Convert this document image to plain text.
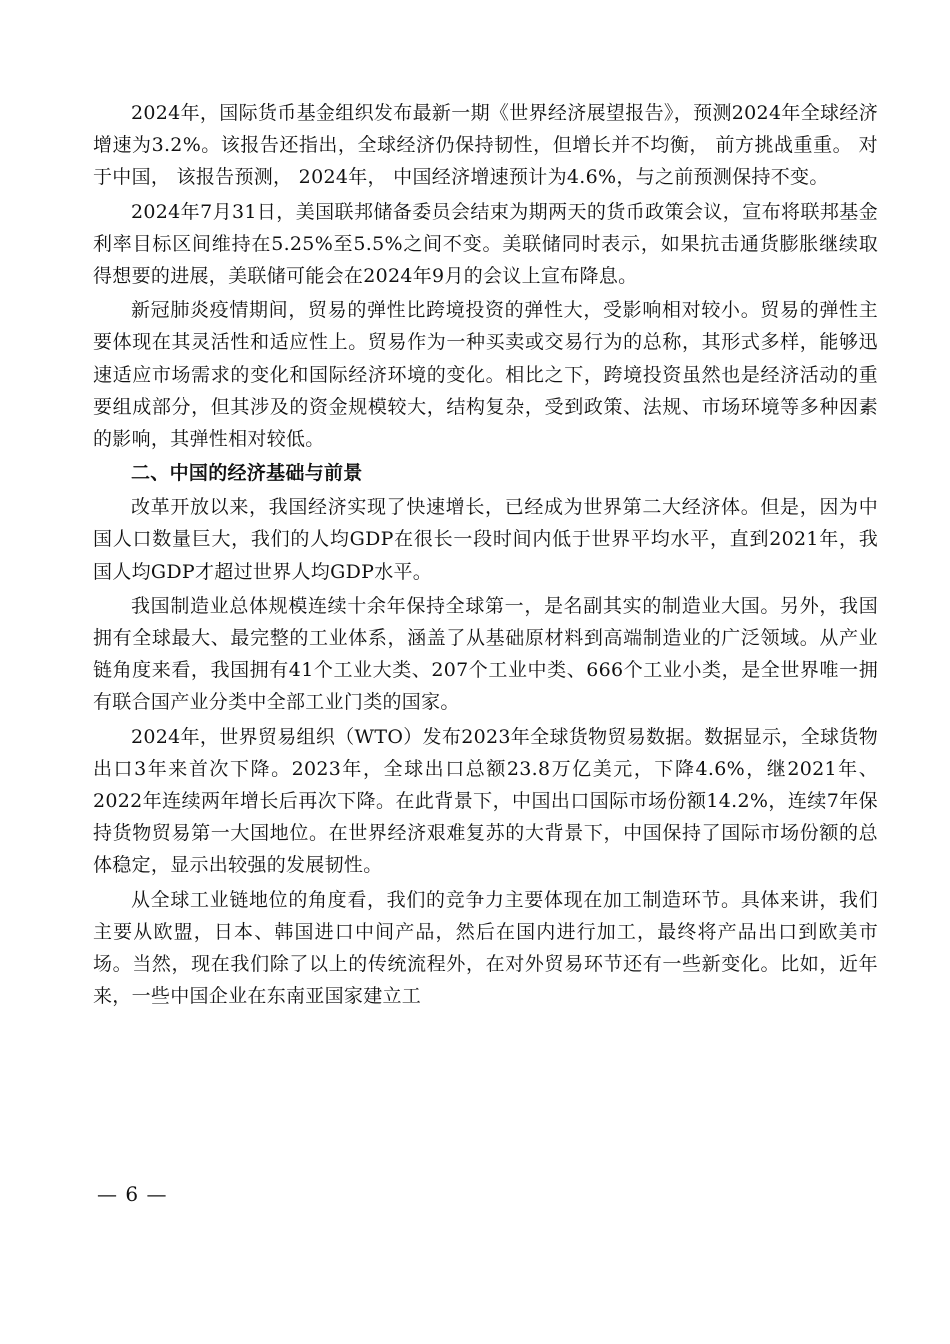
2024年，国际货币基金组织发布最新一期《世界经济展望报告》，预测2024年全球经济增速为3.2%。该报告还指出，全球经济仍保持韧性，但增长并不均衡， 前方挑战重重。 对于中国， 该报告预测， 2024年， 中国经济增速预计为4.6%，与之前预测保持不变。

2024年7月31日，美国联邦储备委员会结束为期两天的货币政策会议，宣布将联邦基金利率目标区间维持在5.25%至5.5%之间不变。美联储同时表示，如果抗击通货膨胀继续取得想要的进展，美联储可能会在2024年9月的会议上宣布降息。

新冠肺炎疫情期间，贸易的弹性比跨境投资的弹性大，受影响相对较小。贸易的弹性主要体现在其灵活性和适应性上。贸易作为一种买卖或交易行为的总称，其形式多样，能够迅速适应市场需求的变化和国际经济环境的变化。相比之下，跨境投资虽然也是经济活动的重要组成部分，但其涉及的资金规模较大，结构复杂，受到政策、法规、市场环境等多种因素的影响，其弹性相对较低。

二、中国的经济基础与前景

改革开放以来，我国经济实现了快速增长，已经成为世界第二大经济体。但是，因为中国人口数量巨大，我们的人均GDP在很长一段时间内低于世界平均水平，直到2021年，我国人均GDP才超过世界人均GDP水平。

我国制造业总体规模连续十余年保持全球第一，是名副其实的制造业大国。另外，我国拥有全球最大、最完整的工业体系，涵盖了从基础原材料到高端制造业的广泛领域。从产业链角度来看，我国拥有41个工业大类、207个工业中类、666个工业小类，是全世界唯一拥有联合国产业分类中全部工业门类的国家。

2024年，世界贸易组织（WTO）发布2023年全球货物贸易数据。数据显示，全球货物出口3年来首次下降。2023年，全球出口总额23.8万亿美元，下降4.6%，继2021年、2022年连续两年增长后再次下降。在此背景下，中国出口国际市场份额14.2%，连续7年保持货物贸易第一大国地位。在世界经济艰难复苏的大背景下，中国保持了国际市场份额的总体稳定，显示出较强的发展韧性。

从全球工业链地位的角度看，我们的竞争力主要体现在加工制造环节。具体来讲，我们主要从欧盟，日本、韩国进口中间产品，然后在国内进行加工，最终将产品出口到欧美市场。当然，现在我们除了以上的传统流程外，在对外贸易环节还有一些新变化。比如，近年来，一些中国企业在东南亚国家建立工

— 6 —
